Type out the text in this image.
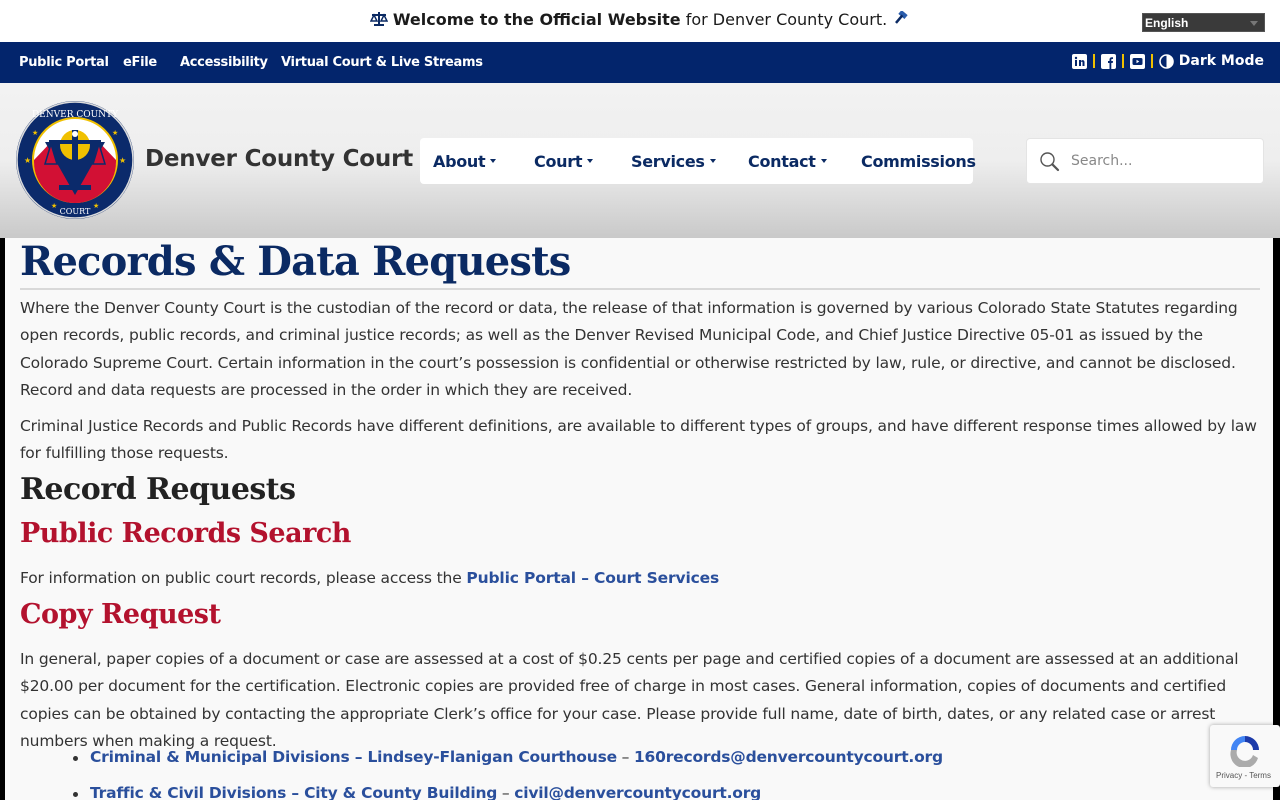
Welcome to the Official Website for Denver County Court.	English
Public Portal eFile Accessibility Virtual Court & Live Streams	Dark Mode
DENVER COUNTY
COURT
★	★
★	★
★	★
Denver County Court About	Court	Services	Contact	Commissions
Search...
Records & Data Requests

Where the Denver County Court is the custodian of the record or data, the release of that information is governed by various Colorado State Statutes regarding open records, public records, and criminal justice records; as well as the Denver Revised Municipal Code, and Chief Justice Directive 05-01 as issued by the Colorado Supreme Court. Certain information in the court’s possession is confidential or otherwise restricted by law, rule, or directive, and cannot be disclosed. Record and data requests are processed in the order in which they are received.

Criminal Justice Records and Public Records have different definitions, are available to different types of groups, and have different response times allowed by law for fulfilling those requests.

Record Requests
Public Records Search

For information on public court records, please access the Public Portal – Court Services

Copy Request

In general, paper copies of a document or case are assessed at a cost of $0.25 cents per page and certified copies of a document are assessed at an additional $20.00 per document for the certification. Electronic copies are provided free of charge in most cases. General information, copies of documents and certified copies can be obtained by contacting the appropriate Clerk’s office for your case. Please provide full name, date of birth, dates, or any related case or arrest numbers when making a request.

Criminal & Municipal Divisions – Lindsey-Flanigan Courthouse – 160records@denvercountycourt.org
Traffic & Civil Divisions – City & County Building – civil@denvercountycourt.org
Privacy - Terms
